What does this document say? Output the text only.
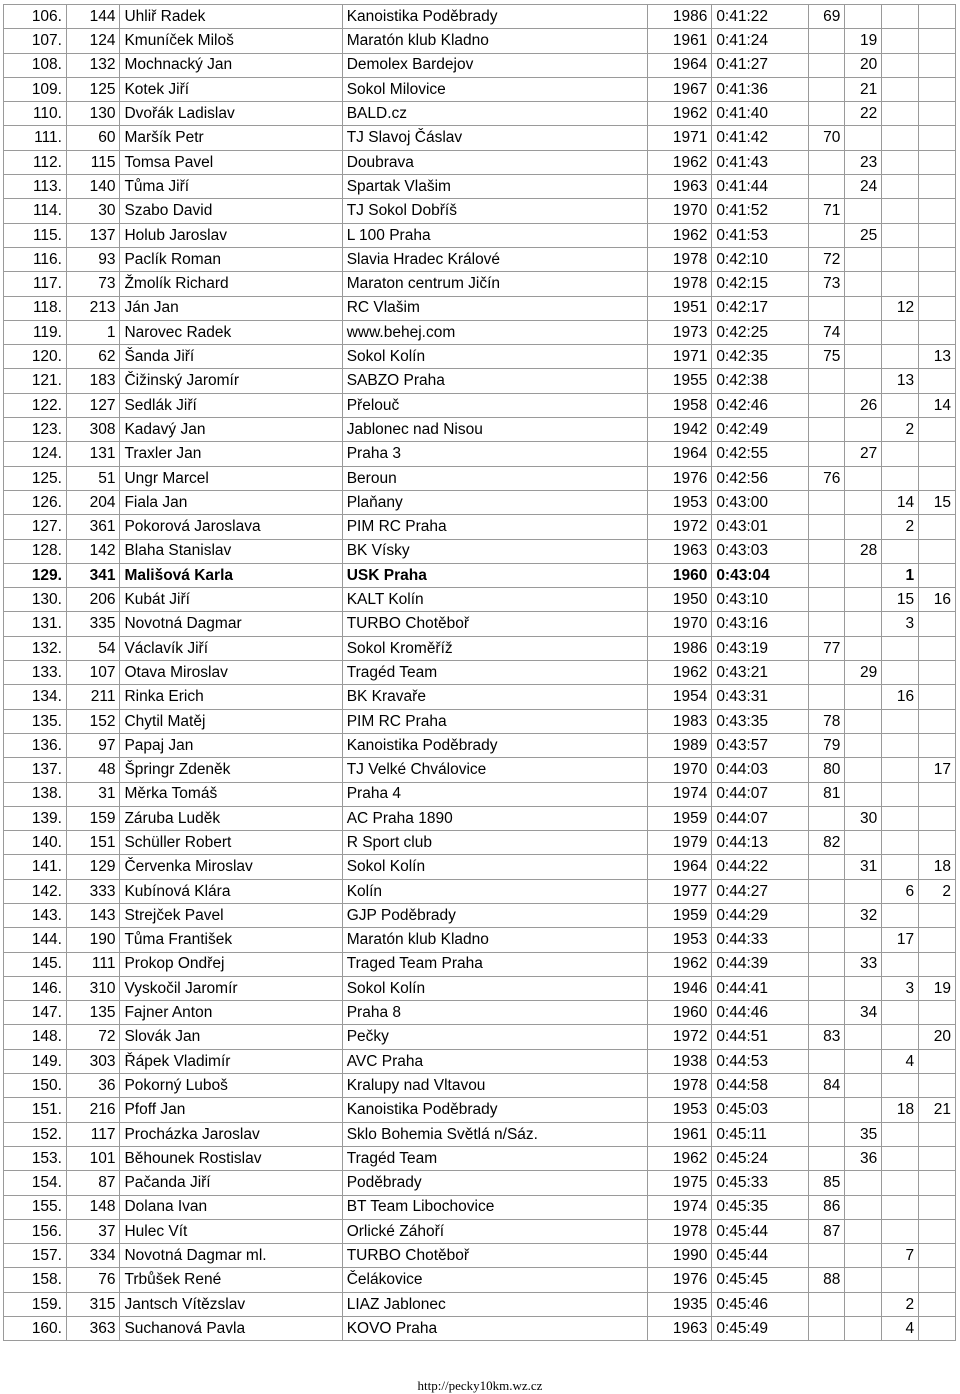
106.	144	Uhliř Radek	Kanoistika Poděbrady	1986	0:41:22	69			
107.	124	Kmuníček Miloš	Maratón klub Kladno	1961	0:41:24		19		
108.	132	Mochnacký Jan	Demolex Bardejov	1964	0:41:27		20		
109.	125	Kotek Jiří	Sokol Milovice	1967	0:41:36		21		
110.	130	Dvořák Ladislav	BALD.cz	1962	0:41:40		22		
111.	60	Maršík Petr	TJ Slavoj Čáslav	1971	0:41:42	70			
112.	115	Tomsa Pavel	Doubrava	1962	0:41:43		23		
113.	140	Tůma Jiří	Spartak Vlašim	1963	0:41:44		24		
114.	30	Szabo David	TJ Sokol Dobříš	1970	0:41:52	71			
115.	137	Holub Jaroslav	L 100 Praha	1962	0:41:53		25		
116.	93	Paclík Roman	Slavia Hradec Králové	1978	0:42:10	72			
117.	73	Žmolík Richard	Maraton centrum Jičín	1978	0:42:15	73			
118.	213	Ján Jan	RC Vlašim	1951	0:42:17			12	
119.	1	Narovec Radek	www.behej.com	1973	0:42:25	74			
120.	62	Šanda Jiří	Sokol Kolín	1971	0:42:35	75			13
121.	183	Čižinský Jaromír	SABZO Praha	1955	0:42:38			13	
122.	127	Sedlák Jiří	Přelouč	1958	0:42:46		26		14
123.	308	Kadavý Jan	Jablonec nad Nisou	1942	0:42:49			2	
124.	131	Traxler Jan	Praha 3	1964	0:42:55		27		
125.	51	Ungr Marcel	Beroun	1976	0:42:56	76			
126.	204	Fiala Jan	Plaňany	1953	0:43:00			14	15
127.	361	Pokorová Jaroslava	PIM RC Praha	1972	0:43:01			2	
128.	142	Blaha Stanislav	BK Vísky	1963	0:43:03		28		
129.	341	Mališová Karla	USK Praha	1960	0:43:04			1	
130.	206	Kubát Jiří	KALT Kolín	1950	0:43:10			15	16
131.	335	Novotná Dagmar	TURBO Chotěboř	1970	0:43:16			3	
132.	54	Václavík Jiří	Sokol Kroměříž	1986	0:43:19	77			
133.	107	Otava Miroslav	Tragéd Team	1962	0:43:21		29		
134.	211	Rinka Erich	BK Kravaře	1954	0:43:31			16	
135.	152	Chytil Matěj	PIM RC Praha	1983	0:43:35	78			
136.	97	Papaj Jan	Kanoistika Poděbrady	1989	0:43:57	79			
137.	48	Špringr Zdeněk	TJ Velké Chválovice	1970	0:44:03	80			17
138.	31	Měrka Tomáš	Praha 4	1974	0:44:07	81			
139.	159	Záruba Luděk	AC Praha 1890	1959	0:44:07		30		
140.	151	Schüller Robert	R Sport club	1979	0:44:13	82			
141.	129	Červenka Miroslav	Sokol Kolín	1964	0:44:22		31		18
142.	333	Kubínová Klára	Kolín	1977	0:44:27			6	2
143.	143	Strejček Pavel	GJP Poděbrady	1959	0:44:29		32		
144.	190	Tůma František	Maratón klub Kladno	1953	0:44:33			17	
145.	111	Prokop Ondřej	Traged Team Praha	1962	0:44:39		33		
146.	310	Vyskočil Jaromír	Sokol Kolín	1946	0:44:41			3	19
147.	135	Fajner Anton	Praha 8	1960	0:44:46		34		
148.	72	Slovák Jan	Pečky	1972	0:44:51	83			20
149.	303	Řápek Vladimír	AVC Praha	1938	0:44:53			4	
150.	36	Pokorný Luboš	Kralupy nad Vltavou	1978	0:44:58	84			
151.	216	Pfoff Jan	Kanoistika Poděbrady	1953	0:45:03			18	21
152.	117	Procházka Jaroslav	Sklo Bohemia Světlá n/Sáz.	1961	0:45:11		35		
153.	101	Běhounek Rostislav	Tragéd Team	1962	0:45:24		36		
154.	87	Pačanda Jiří	Poděbrady	1975	0:45:33	85			
155.	148	Dolana Ivan	BT Team Libochovice	1974	0:45:35	86			
156.	37	Hulec Vít	Orlické Záhoří	1978	0:45:44	87			
157.	334	Novotná Dagmar ml.	TURBO Chotěboř	1990	0:45:44			7	
158.	76	Trbůšek René	Čelákovice	1976	0:45:45	88			
159.	315	Jantsch Vítězslav	LIAZ Jablonec	1935	0:45:46			2	
160.	363	Suchanová Pavla	KOVO Praha	1963	0:45:49			4	
http://pecky10km.wz.cz
